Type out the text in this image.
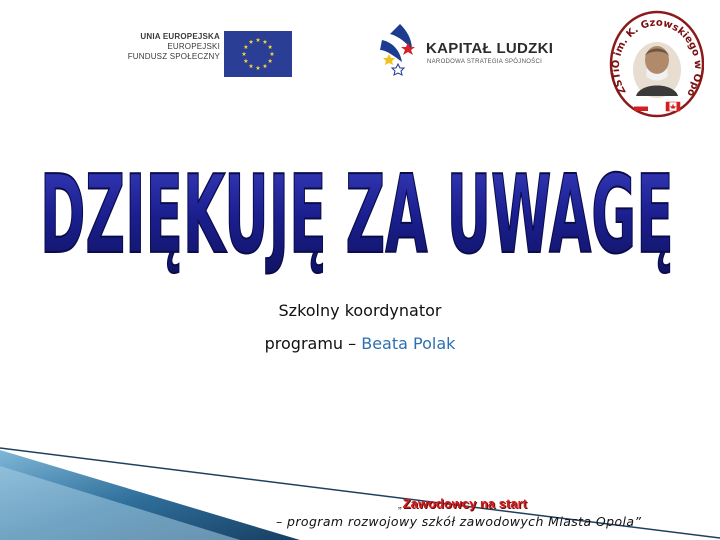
UNIA EUROPEJSKA
EUROPEJSKI
FUNDUSZ SPOŁECZNY	KAPITAŁ LUDZKI
NARODOWA STRATEGIA SPÓJNOŚCI
ZSTiO im. K. Gzowskiego w Opo
DZIĘKUJĘ ZA UWAGĘ
Szkolny koordynator
programu – Beata Polak
„Zawodowcy na start
– program rozwojowy szkół zawodowych Miasta Opola”
